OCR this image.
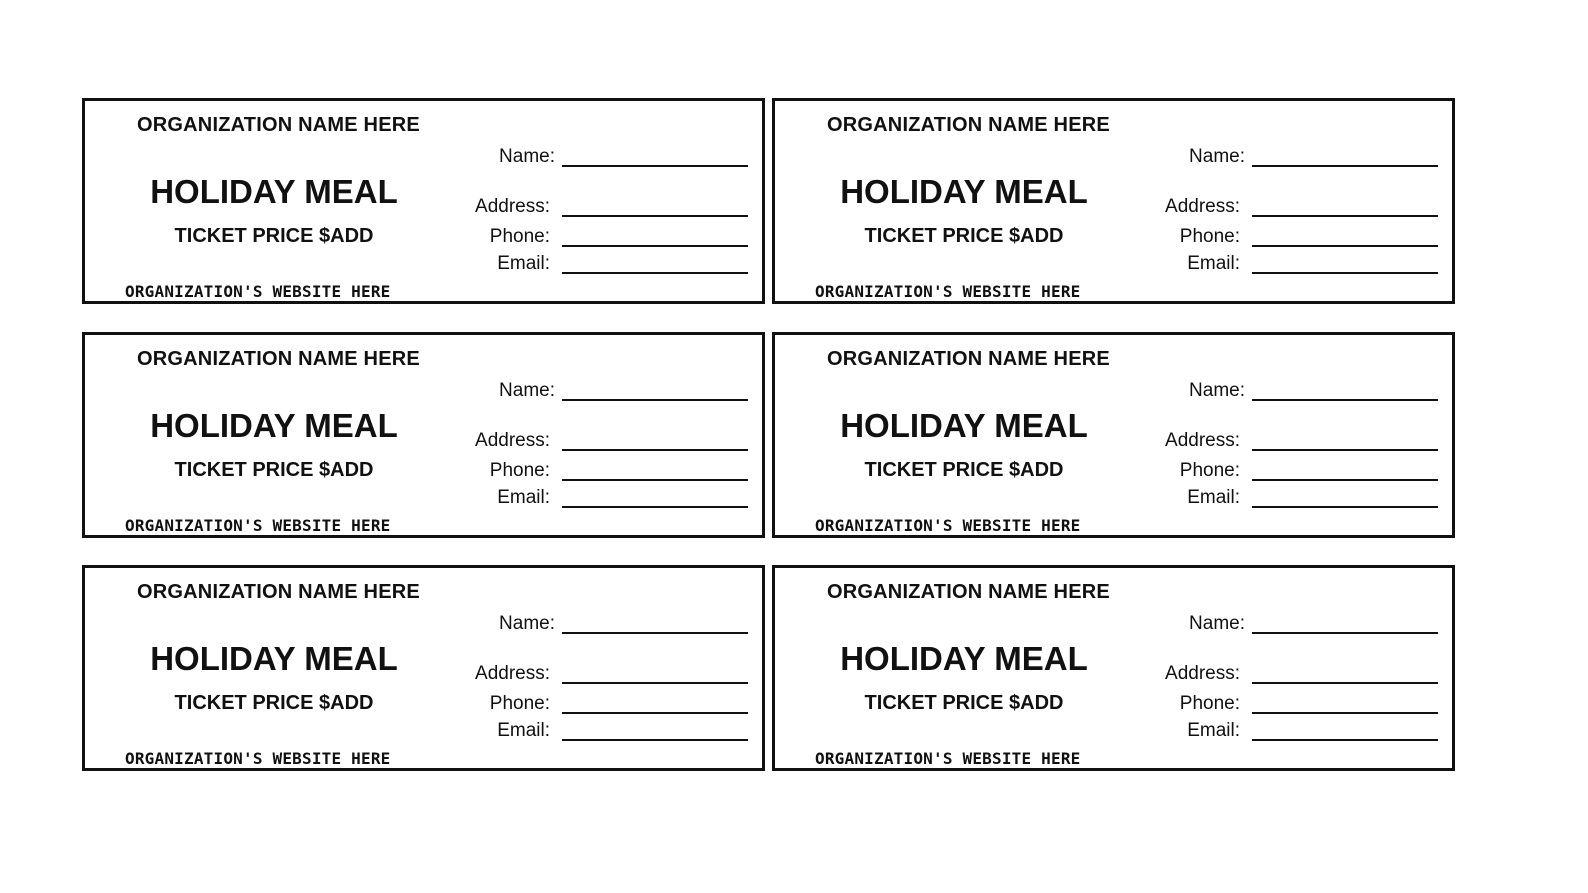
ORGANIZATION NAME HERE
HOLIDAY MEAL
TICKET PRICE $ADD
ORGANIZATION'S WEBSITE HERE
Name:
Address:
Phone:
Email:
ORGANIZATION NAME HERE
HOLIDAY MEAL
TICKET PRICE $ADD
ORGANIZATION'S WEBSITE HERE
Name:
Address:
Phone:
Email:
ORGANIZATION NAME HERE
HOLIDAY MEAL
TICKET PRICE $ADD
ORGANIZATION'S WEBSITE HERE
Name:
Address:
Phone:
Email:
ORGANIZATION NAME HERE
HOLIDAY MEAL
TICKET PRICE $ADD
ORGANIZATION'S WEBSITE HERE
Name:
Address:
Phone:
Email:
ORGANIZATION NAME HERE
HOLIDAY MEAL
TICKET PRICE $ADD
ORGANIZATION'S WEBSITE HERE
Name:
Address:
Phone:
Email:
ORGANIZATION NAME HERE
HOLIDAY MEAL
TICKET PRICE $ADD
ORGANIZATION'S WEBSITE HERE
Name:
Address:
Phone:
Email:
